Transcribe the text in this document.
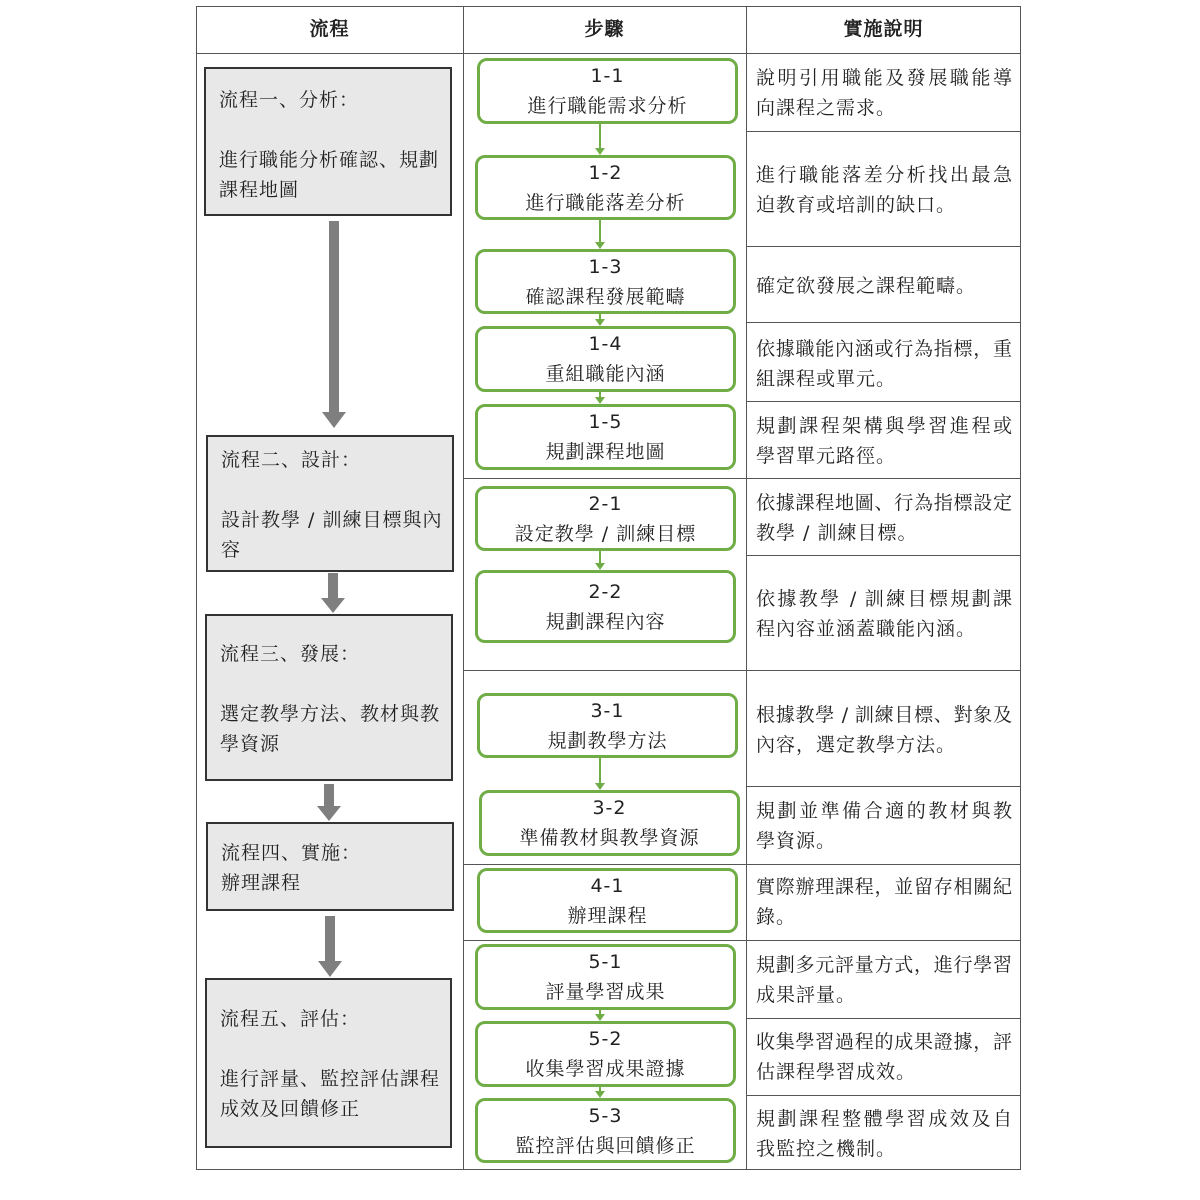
流程	步驟	實施說明
流程一、分析：
進行職能分析確認、規劃
課程地圖
流程二、設計：
設計教學 / 訓練目標與內
容
流程三、發展：
選定教學方法、教材與教
學資源
流程四、實施：
辦理課程
流程五、評估：
進行評量、監控評估課程
成效及回饋修正
1-1
進行職能需求分析
1-2
進行職能落差分析
1-3
確認課程發展範疇
1-4
重組職能內涵
1-5
規劃課程地圖
2-1
設定教學 / 訓練目標
2-2
規劃課程內容
3-1
規劃教學方法
3-2
準備教材與教學資源
4-1
辦理課程
5-1
評量學習成果
5-2
收集學習成果證據
5-3
監控評估與回饋修正
說明引用職能及發展職能導
向課程之需求。
進行職能落差分析找出最急
迫教育或培訓的缺口。
確定欲發展之課程範疇。
依據職能內涵或行為指標，重
組課程或單元。
規劃課程架構與學習進程或
學習單元路徑。
依據課程地圖、行為指標設定
教學 / 訓練目標。
依據教學 / 訓練目標規劃課
程內容並涵蓋職能內涵。
根據教學 / 訓練目標、對象及
內容，選定教學方法。
規劃並準備合適的教材與教
學資源。
實際辦理課程，並留存相關紀
錄。
規劃多元評量方式，進行學習
成果評量。
收集學習過程的成果證據，評
估課程學習成效。
規劃課程整體學習成效及自
我監控之機制。
